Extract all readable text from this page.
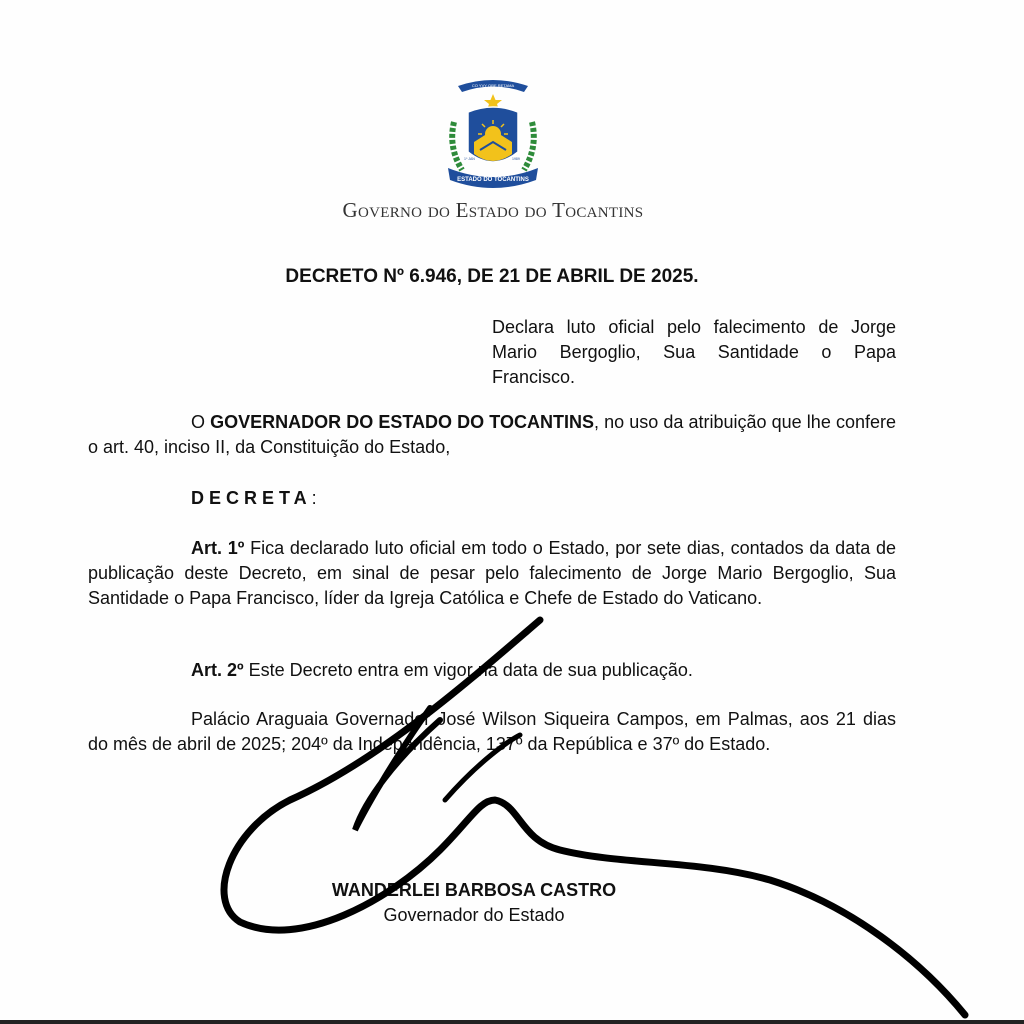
CO YVY ORE RETAMA
1º JAN	1989
ESTADO DO TOCANTINS
Governo do Estado do Tocantins
DECRETO Nº 6.946, DE 21 DE ABRIL DE 2025.
Declara luto oficial pelo falecimento de Jorge Mario Bergoglio, Sua Santidade o Papa Francisco.
O GOVERNADOR DO ESTADO DO TOCANTINS, no uso da atribuição que lhe confere o art. 40, inciso II, da Constituição do Estado,
DECRETA:
Art. 1º Fica declarado luto oficial em todo o Estado, por sete dias, contados da data de publicação deste Decreto, em sinal de pesar pelo falecimento de Jorge Mario Bergoglio, Sua Santidade o Papa Francisco, líder da Igreja Católica e Chefe de Estado do Vaticano.
Art. 2º Este Decreto entra em vigor na data de sua publicação.
Palácio Araguaia Governador José Wilson Siqueira Campos, em Palmas, aos 21 dias do mês de abril de 2025; 204º da Independência, 137º da República e 37º do Estado.
WANDERLEI BARBOSA CASTRO
Governador do Estado
